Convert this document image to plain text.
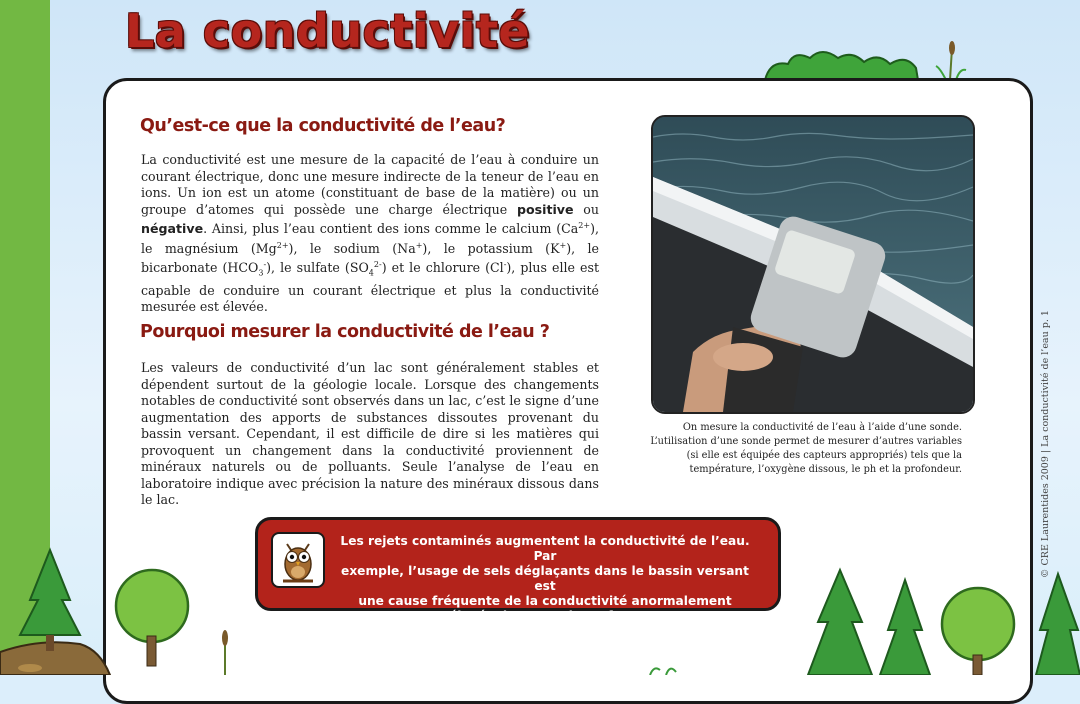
La conductivité
Qu’est-ce que la conductivité de l’eau?

La conductivité est une mesure de la capacité de l’eau à conduire un courant électrique, donc une mesure indirecte de la teneur de l’eau en ions. Un ion est un atome (constituant de base de la matière) ou un groupe d’atomes qui possède une charge électrique positive ou négative. Ainsi, plus l’eau contient des ions comme le calcium $(Ca^{2+})$, le magnésium $(Mg^{2+})$, le sodium (Na+), le potassium (K+), le bicarbonate $(HCO_3^-)$, le sulfate $(SO_4^{2-})$ et le chlorure (Cl-), plus elle est capable de conduire un courant électrique et plus la conductivité mesurée est élevée.

Pourquoi mesurer la conductivité de l’eau ?

Les valeurs de conductivité d’un lac sont généralement stables et dépendent surtout de la géologie locale. Lorsque des changements notables de conductivité sont observés dans un lac, c’est le signe d’une augmentation des apports de substances dissoutes provenant du bassin versant. Cependant, il est difficile de dire si les matières qui provoquent un changement dans la conductivité proviennent de minéraux naturels ou de polluants. Seule l’analyse de l’eau en laboratoire indique avec précision la nature des minéraux dissous dans le lac.

On mesure la conductivité de l’eau à l’aide d’une sonde.
L’utilisation d’une sonde permet de mesurer d’autres variables
(si elle est équipée des capteurs appropriés) tels que la
température, l’oxygène dissous, le ph et la profondeur.

Les rejets contaminés augmentent la conductivité de l’eau. Par
exemple, l’usage de sels déglaçants dans le bassin versant est
une cause fréquente de la conductivité anormalement
élevée des eaux de surface.

© CRE Laurentides 2009 | La conductivité de l’eau p. 1
